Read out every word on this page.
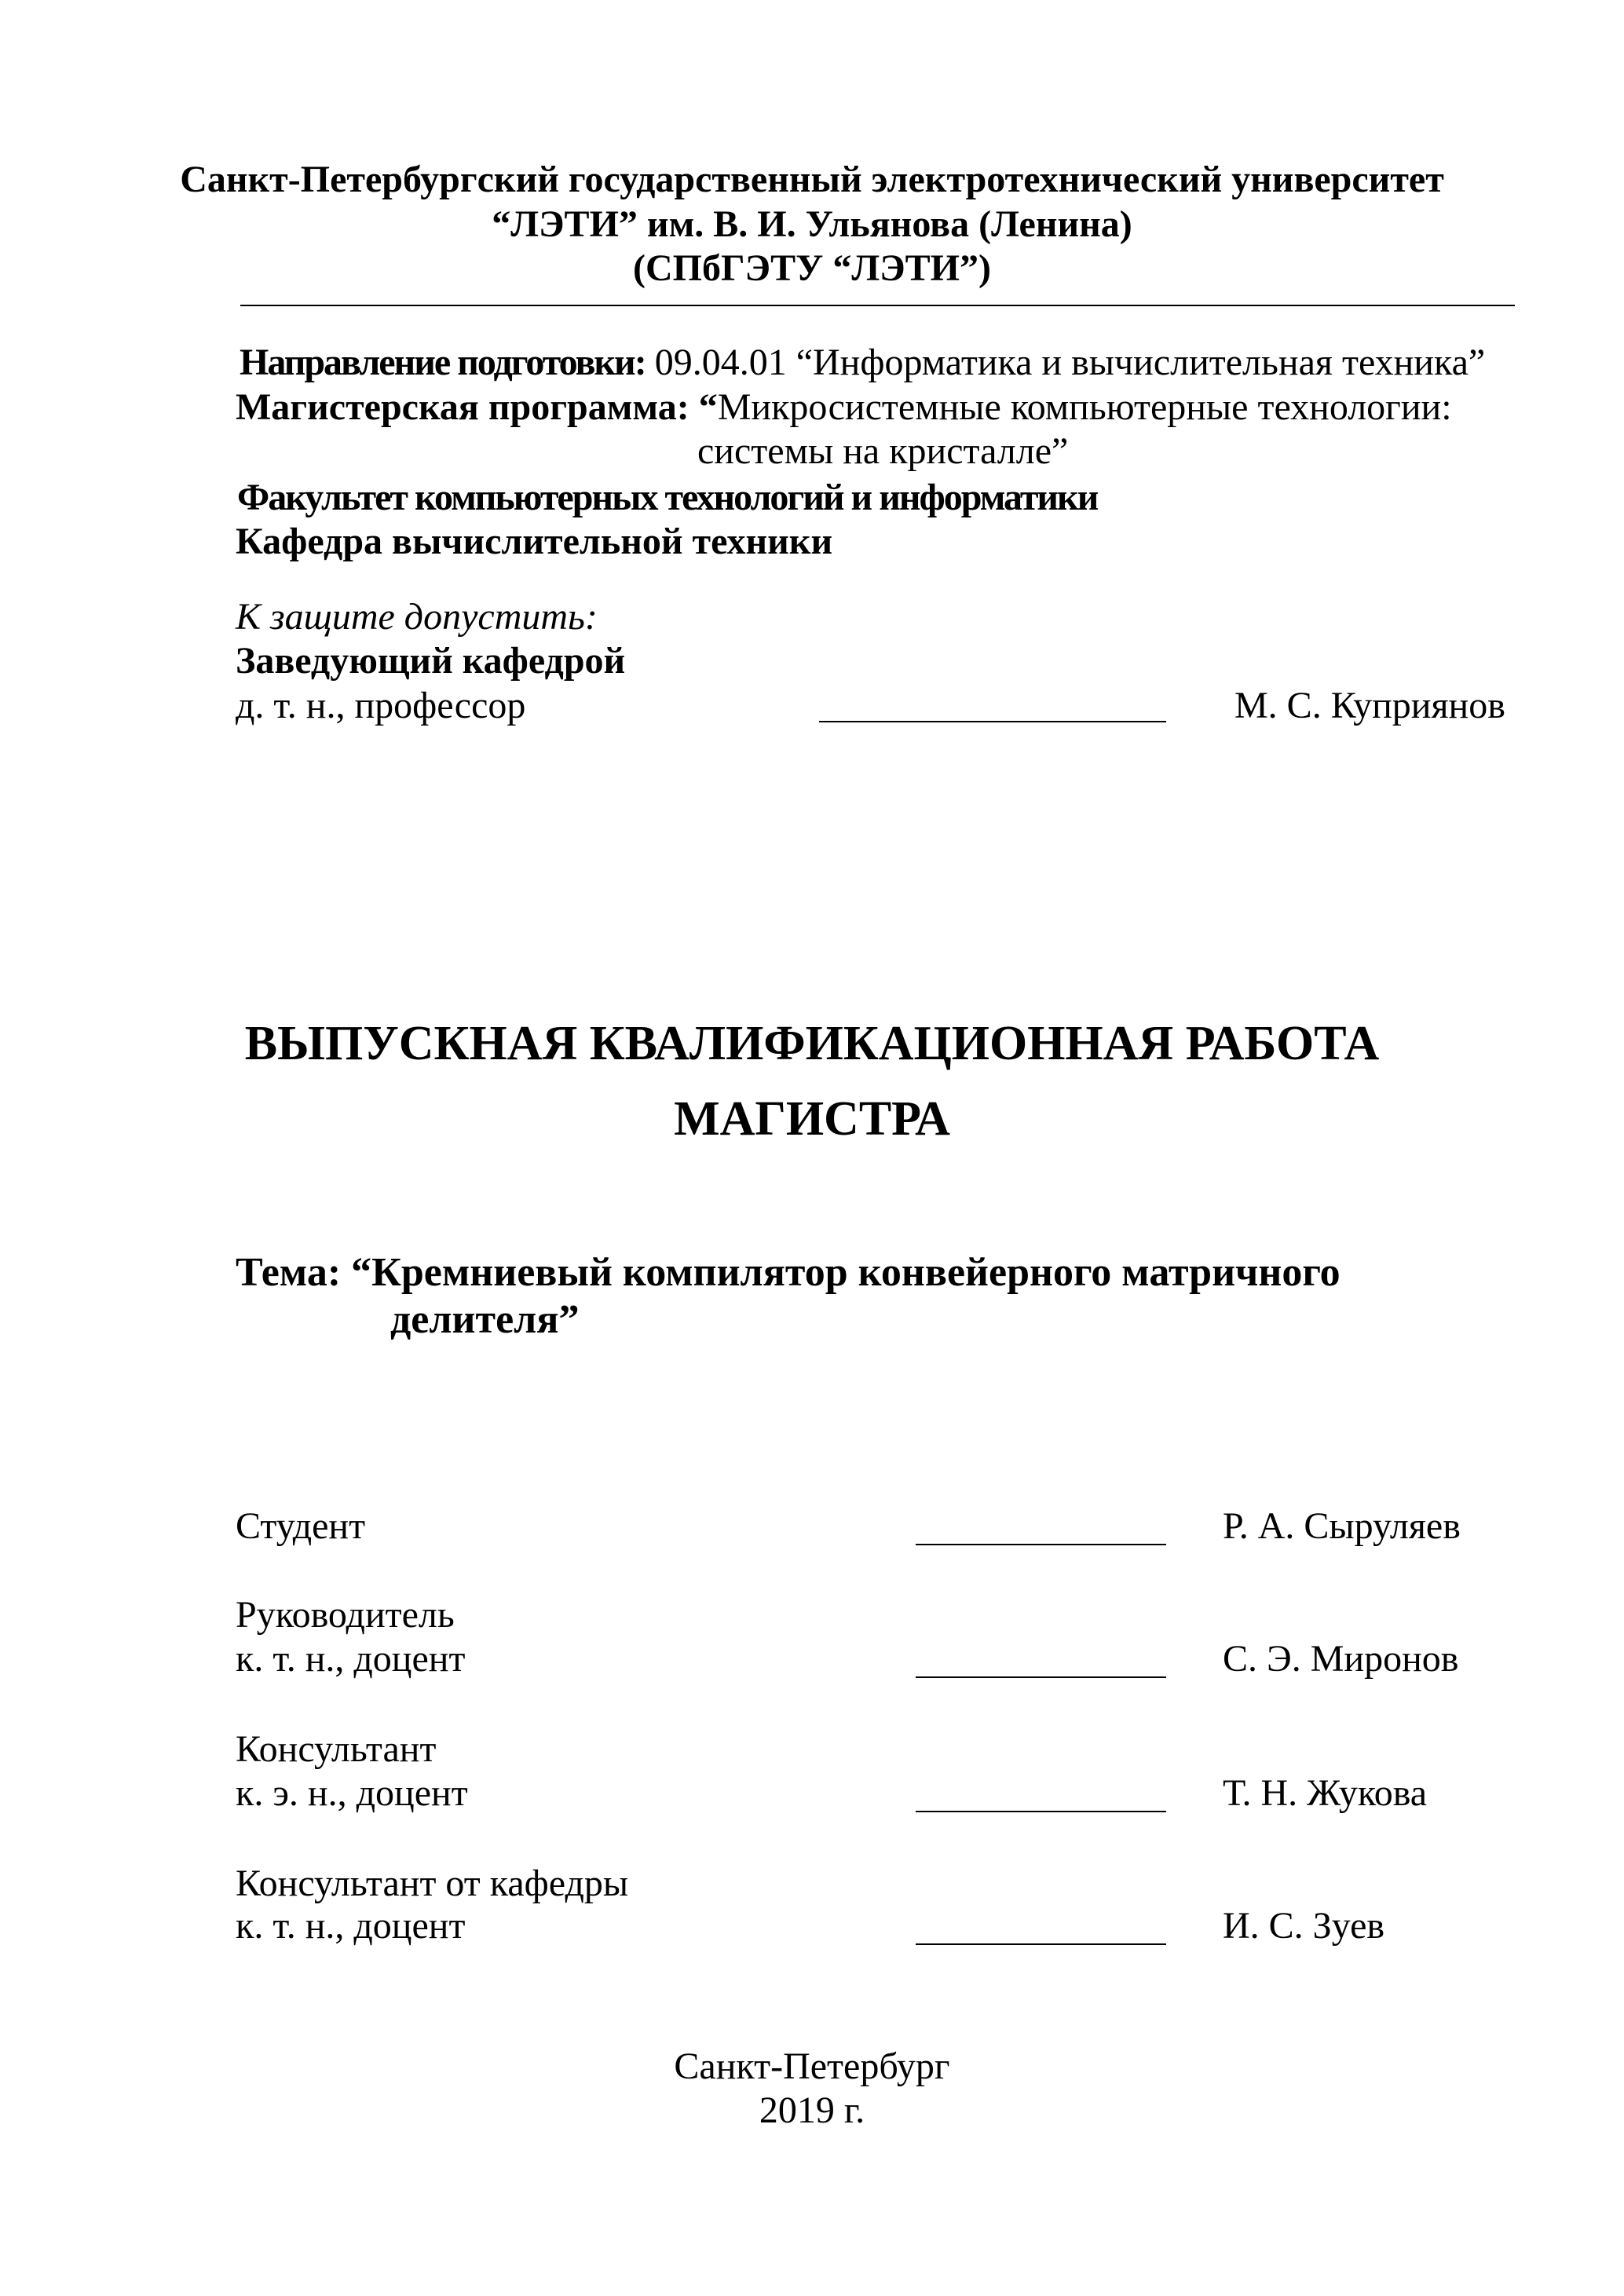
Санкт-Петербургский государственный электротехнический университет
“ЛЭТИ” им. В. И. Ульянова (Ленина)
(СПбГЭТУ “ЛЭТИ”)
Направление подготовки: 09.04.01 “Информатика и вычислительная техника”
Магистерская программа: “Микросистемные компьютерные технологии:
системы на кристалле”
Факультет компьютерных технологий и информатики
Кафедра вычислительной техники
К защите допустить:
Заведующий кафедрой
д. т. н., профессор	М. С. Куприянов
ВЫПУСКНАЯ КВАЛИФИКАЦИОННАЯ РАБОТА
МАГИСТРА
Тема: “Кремниевый компилятор конвейерного матричного
делителя”
Студент	Р. А. Сыруляев
Руководитель
к. т. н., доцент	С. Э. Миронов
Консультант
к. э. н., доцент	Т. Н. Жукова
Консультант от кафедры
к. т. н., доцент	И. С. Зуев
Санкт-Петербург
2019 г.
